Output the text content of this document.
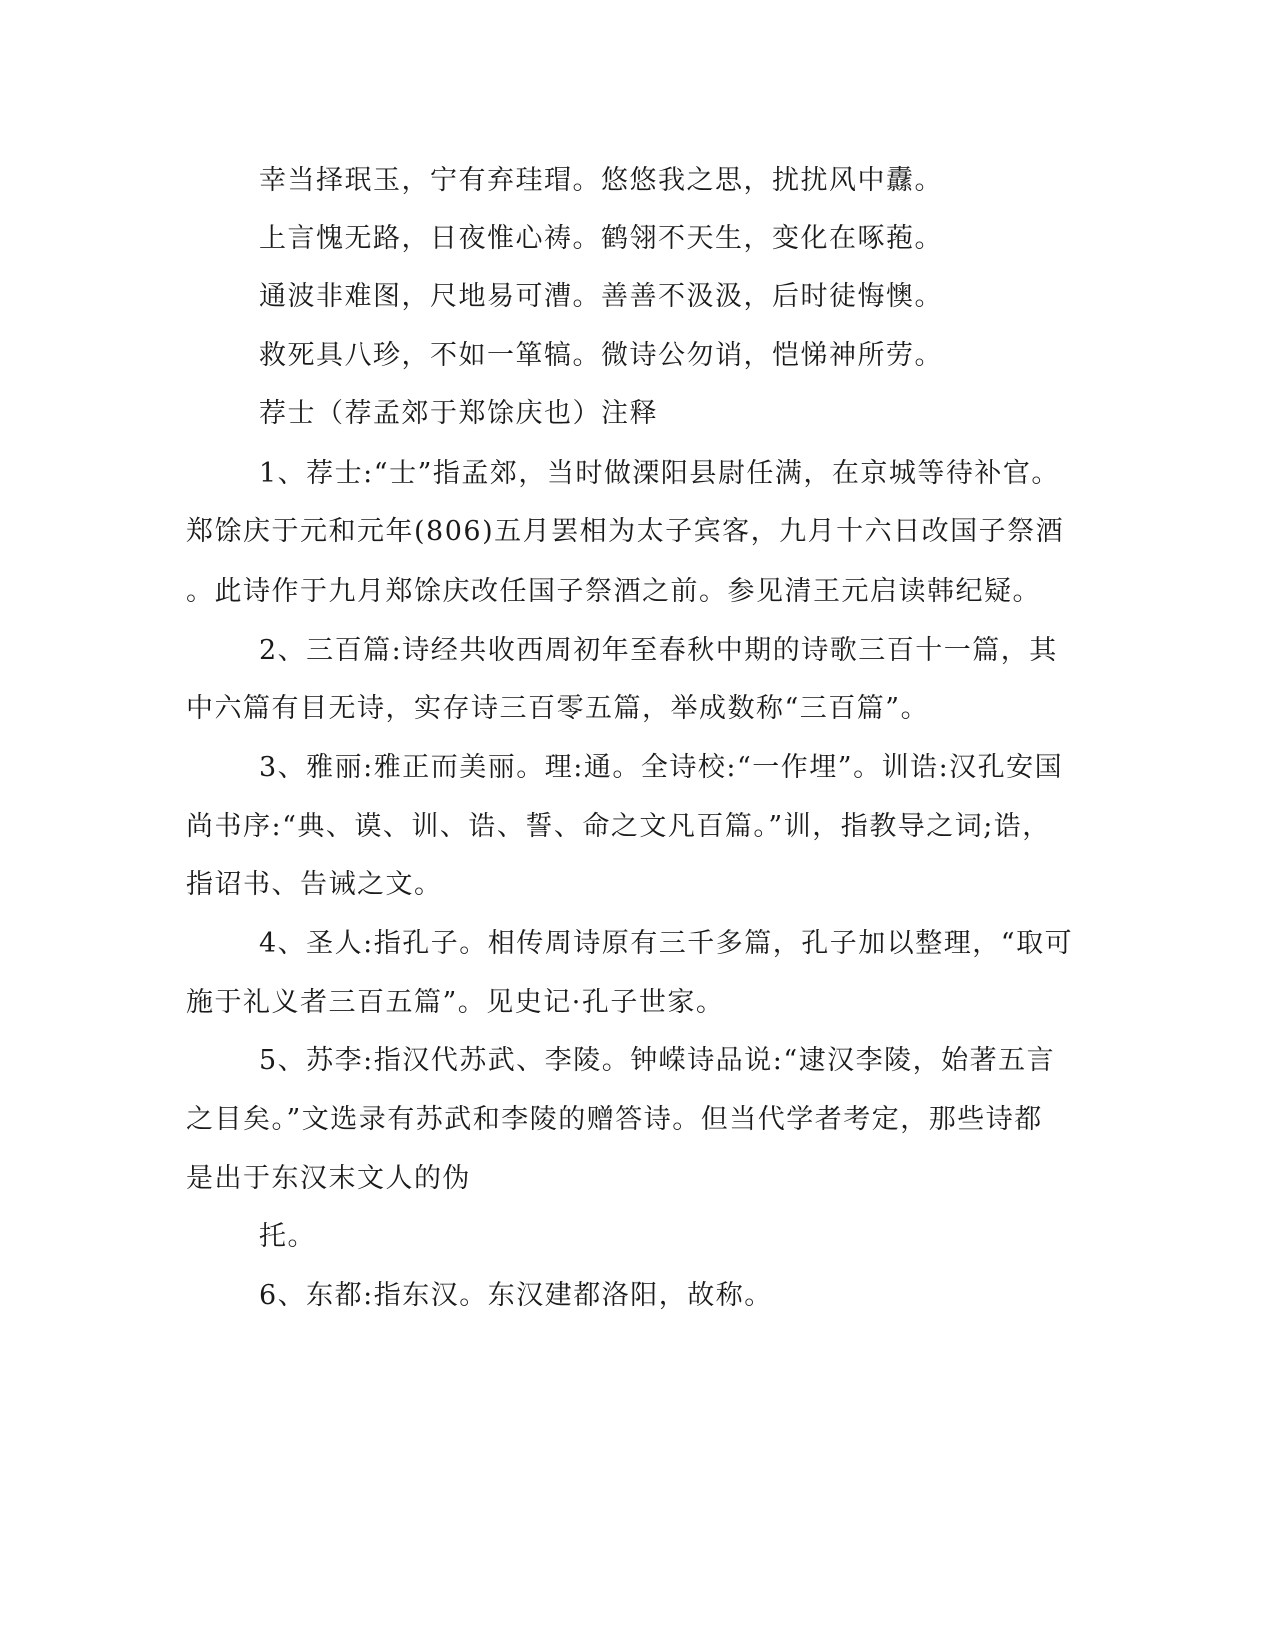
幸当择珉玉，宁有弃珪瑁。悠悠我之思，扰扰风中纛。
上言愧无路，日夜惟心祷。鹤翎不天生，变化在啄菢。
通波非难图，尺地易可漕。善善不汲汲，后时徒悔懊。
救死具八珍，不如一箪犒。微诗公勿诮，恺悌神所劳。
荐士（荐孟郊于郑馀庆也）注释
1、荐士:“士”指孟郊，当时做溧阳县尉任满，在京城等待补官。
郑馀庆于元和元年(806)五月罢相为太子宾客，九月十六日改国子祭酒
。此诗作于九月郑馀庆改任国子祭酒之前。参见清王元启读韩纪疑。
2、三百篇:诗经共收西周初年至春秋中期的诗歌三百十一篇，其
中六篇有目无诗，实存诗三百零五篇，举成数称“三百篇”。
3、雅丽:雅正而美丽。理:通。全诗校:“一作埋”。训诰:汉孔安国
尚书序:“典、谟、训、诰、誓、命之文凡百篇。”训，指教导之词;诰，
指诏书、告诫之文。
4、圣人:指孔子。相传周诗原有三千多篇，孔子加以整理，“取可
施于礼义者三百五篇”。见史记·孔子世家。
5、苏李:指汉代苏武、李陵。钟嵘诗品说:“逮汉李陵，始著五言
之目矣。”文选录有苏武和李陵的赠答诗。但当代学者考定，那些诗都
是出于东汉末文人的伪
托。
6、东都:指东汉。东汉建都洛阳，故称。
